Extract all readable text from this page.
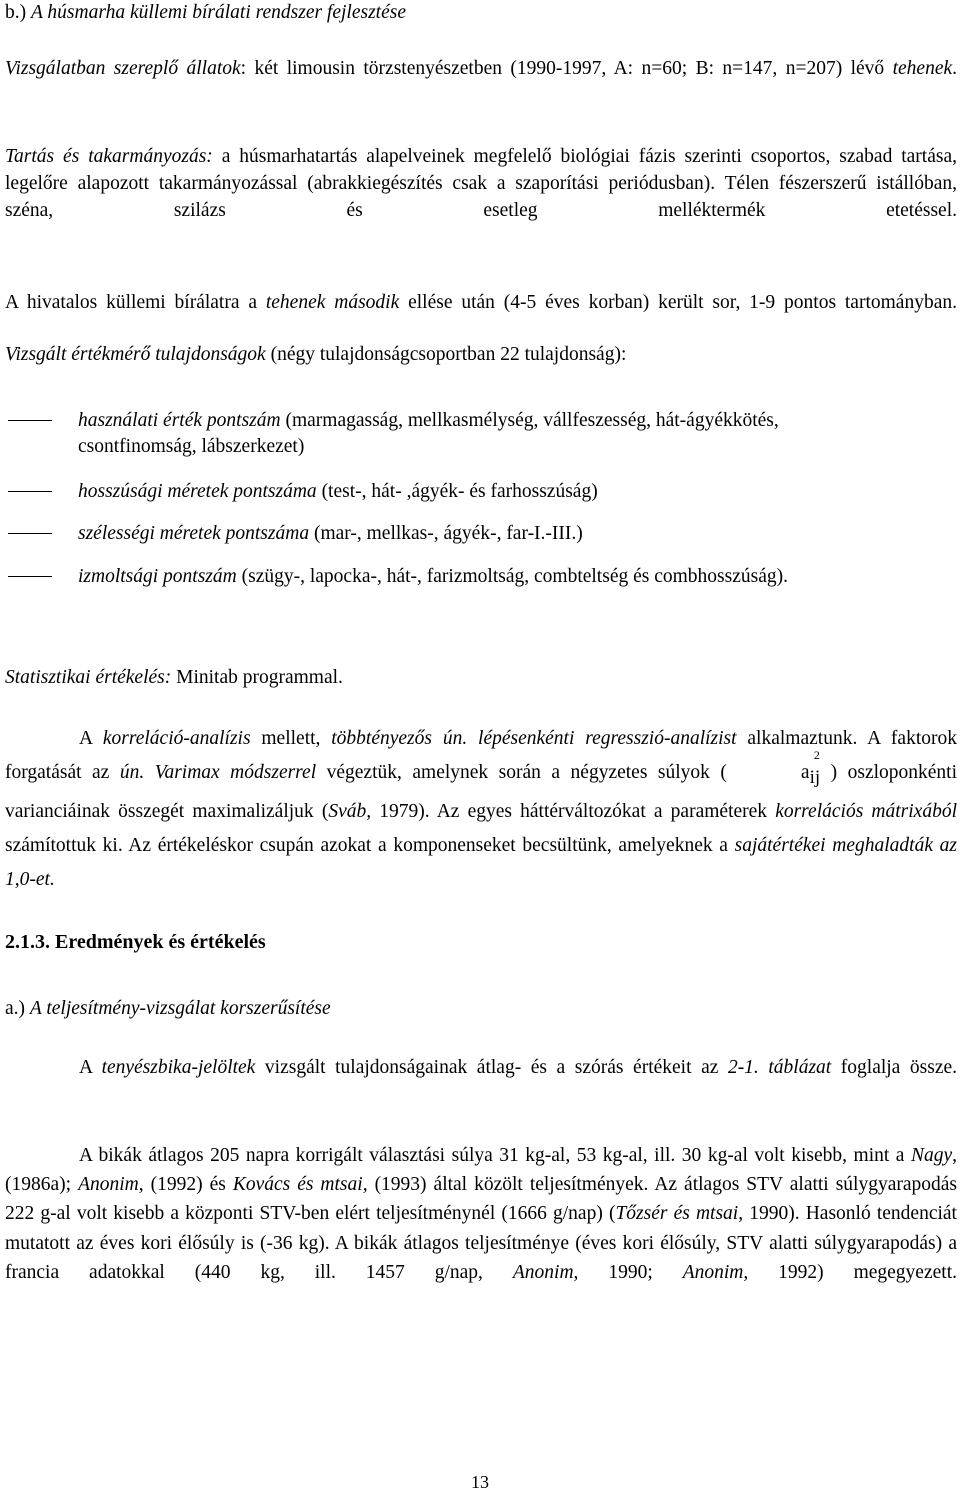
b.) A húsmarha küllemi bírálati rendszer fejlesztése
Vizsgálatban szereplő állatok: két limousin törzstenyészetben (1990-1997, A: n=60; B: n=147, n=207) lévő tehenek.
Tartás és takarmányozás: a húsmarhatartás alapelveinek megfelelő biológiai fázis szerinti csoportos, szabad tartása, legelőre alapozott takarmányozással (abrakkiegészítés csak a szaporítási periódusban). Télen fészerszerű istállóban, széna, szilázs és esetleg melléktermék etetéssel.
A hivatalos küllemi bírálatra a tehenek második ellése után (4-5 éves korban) került sor, 1-9 pontos tartományban.
Vizsgált értékmérő tulajdonságok (négy tulajdonságcsoportban 22 tulajdonság):
használati érték pontszám (marmagasság, mellkasmélység, vállfeszesség, hát-ágyékkötés, csontfinomság, lábszerkezet)
hosszúsági méretek pontszáma (test-, hát- ,ágyék- és farhosszúság)
szélességi méretek pontszáma (mar-, mellkas-, ágyék-, far-I.-III.)
izmoltsági pontszám (szügy-, lapocka-, hát-, farizmoltság, combteltség és combhosszúság).
Statisztikai értékelés: Minitab programmal.
A korreláció-analízis mellett, többtényezős ún. lépésenkénti regresszió-analízist alkalmaztunk. A faktorok forgatását az ún. Varimax módszerrel végeztük, amelynek során a négyzetes súlyok (	$a_{ij}$
2
) oszloponkénti varianciáinak összegét maximalizáljuk (Sváb, 1979). Az egyes háttérváltozókat a paraméterek korrelációs mátrixából számítottuk ki. Az értékeléskor csupán azokat a komponenseket becsültünk, amelyeknek a sajátértékei meghaladták az 1,0-et.
2.1.3. Eredmények és értékelés
a.) A teljesítmény-vizsgálat korszerűsítése
A tenyészbika-jelöltek vizsgált tulajdonságainak átlag- és a szórás értékeit az 2-1. táblázat foglalja össze.
A bikák átlagos 205 napra korrigált választási súlya 31 kg-al, 53 kg-al, ill. 30 kg-al volt kisebb, mint a Nagy, (1986a); Anonim, (1992) és Kovács és mtsai, (1993) által közölt teljesítmények. Az átlagos STV alatti súlygyarapodás 222 g-al volt kisebb a központi STV-ben elért teljesítménynél (1666 g/nap) (Tőzsér és mtsai, 1990). Hasonló tendenciát mutatott az éves kori élősúly is (-36 kg). A bikák átlagos teljesítménye (éves kori élősúly, STV alatti súlygyarapodás) a francia adatokkal (440 kg, ill. 1457 g/nap, Anonim, 1990; Anonim, 1992) megegyezett.
13
